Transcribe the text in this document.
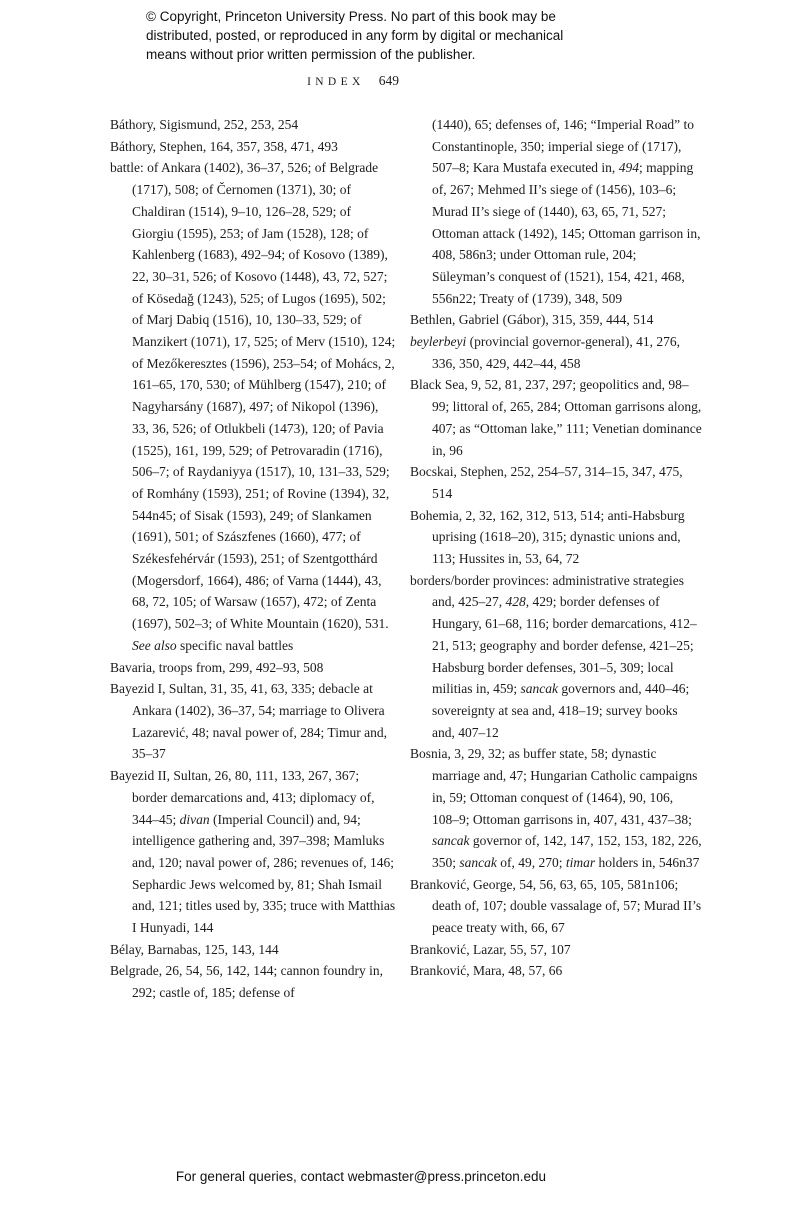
© Copyright, Princeton University Press. No part of this book may be
distributed, posted, or reproduced in any form by digital or mechanical
means without prior written permission of the publisher.
INDEX 649
Báthory, Sigismund, 252, 253, 254
Báthory, Stephen, 164, 357, 358, 471, 493
battle: of Ankara (1402), 36–37, 526; of Belgrade (1717), 508; of Černomen (1371), 30; of Chaldiran (1514), 9–10, 126–28, 529; of Giorgiu (1595), 253; of Jam (1528), 128; of Kahlenberg (1683), 492–94; of Kosovo (1389), 22, 30–31, 526; of Kosovo (1448), 43, 72, 527; of Kösedağ (1243), 525; of Lugos (1695), 502; of Marj Dabiq (1516), 10, 130–33, 529; of Manzikert (1071), 17, 525; of Merv (1510), 124; of Mezőkeresztes (1596), 253–54; of Mohács, 2, 161–65, 170, 530; of Mühlberg (1547), 210; of Nagyharsány (1687), 497; of Nikopol (1396), 33, 36, 526; of Otlukbeli (1473), 120; of Pavia (1525), 161, 199, 529; of Petrovaradin (1716), 506–7; of Raydaniyya (1517), 10, 131–33, 529; of Romhány (1593), 251; of Rovine (1394), 32, 544n45; of Sisak (1593), 249; of Slankamen (1691), 501; of Szászfenes (1660), 477; of Székesfehérvár (1593), 251; of Szentgotthárd (Mogersdorf, 1664), 486; of Varna (1444), 43, 68, 72, 105; of Warsaw (1657), 472; of Zenta (1697), 502–3; of White Mountain (1620), 531. See also specific naval battles
Bavaria, troops from, 299, 492–93, 508
Bayezid I, Sultan, 31, 35, 41, 63, 335; debacle at Ankara (1402), 36–37, 54; marriage to Olivera Lazarević, 48; naval power of, 284; Timur and, 35–37
Bayezid II, Sultan, 26, 80, 111, 133, 267, 367; border demarcations and, 413; diplomacy of, 344–45; divan (Imperial Council) and, 94; intelligence gathering and, 397–398; Mamluks and, 120; naval power of, 286; revenues of, 146; Sephardic Jews welcomed by, 81; Shah Ismail and, 121; titles used by, 335; truce with Matthias I Hunyadi, 144
Bélay, Barnabas, 125, 143, 144
Belgrade, 26, 54, 56, 142, 144; cannon foundry in, 292; castle of, 185; defense of
(1440), 65; defenses of, 146; “Imperial Road” to Constantinople, 350; imperial siege of (1717), 507–8; Kara Mustafa executed in, 494; mapping of, 267; Mehmed II’s siege of (1456), 103–6; Murad II’s siege of (1440), 63, 65, 71, 527; Ottoman attack (1492), 145; Ottoman garrison in, 408, 586n3; under Ottoman rule, 204; Süleyman’s conquest of (1521), 154, 421, 468, 556n22; Treaty of (1739), 348, 509
Bethlen, Gabriel (Gábor), 315, 359, 444, 514
beylerbeyi (provincial governor-general), 41, 276, 336, 350, 429, 442–44, 458
Black Sea, 9, 52, 81, 237, 297; geopolitics and, 98–99; littoral of, 265, 284; Ottoman garrisons along, 407; as “Ottoman lake,” 111; Venetian dominance in, 96
Bocskai, Stephen, 252, 254–57, 314–15, 347, 475, 514
Bohemia, 2, 32, 162, 312, 513, 514; anti-Habsburg uprising (1618–20), 315; dynastic unions and, 113; Hussites in, 53, 64, 72
borders/border provinces: administrative strategies and, 425–27, 428, 429; border defenses of Hungary, 61–68, 116; border demarcations, 412–21, 513; geography and border defense, 421–25; Habsburg border defenses, 301–5, 309; local militias in, 459; sancak governors and, 440–46; sovereignty at sea and, 418–19; survey books and, 407–12
Bosnia, 3, 29, 32; as buffer state, 58; dynastic marriage and, 47; Hungarian Catholic campaigns in, 59; Ottoman conquest of (1464), 90, 106, 108–9; Ottoman garrisons in, 407, 431, 437–38; sancak governor of, 142, 147, 152, 153, 182, 226, 350; sancak of, 49, 270; timar holders in, 546n37
Branković, George, 54, 56, 63, 65, 105, 581n106; death of, 107; double vassalage of, 57; Murad II’s peace treaty with, 66, 67
Branković, Lazar, 55, 57, 107
Branković, Mara, 48, 57, 66
For general queries, contact webmaster@press.princeton.edu
